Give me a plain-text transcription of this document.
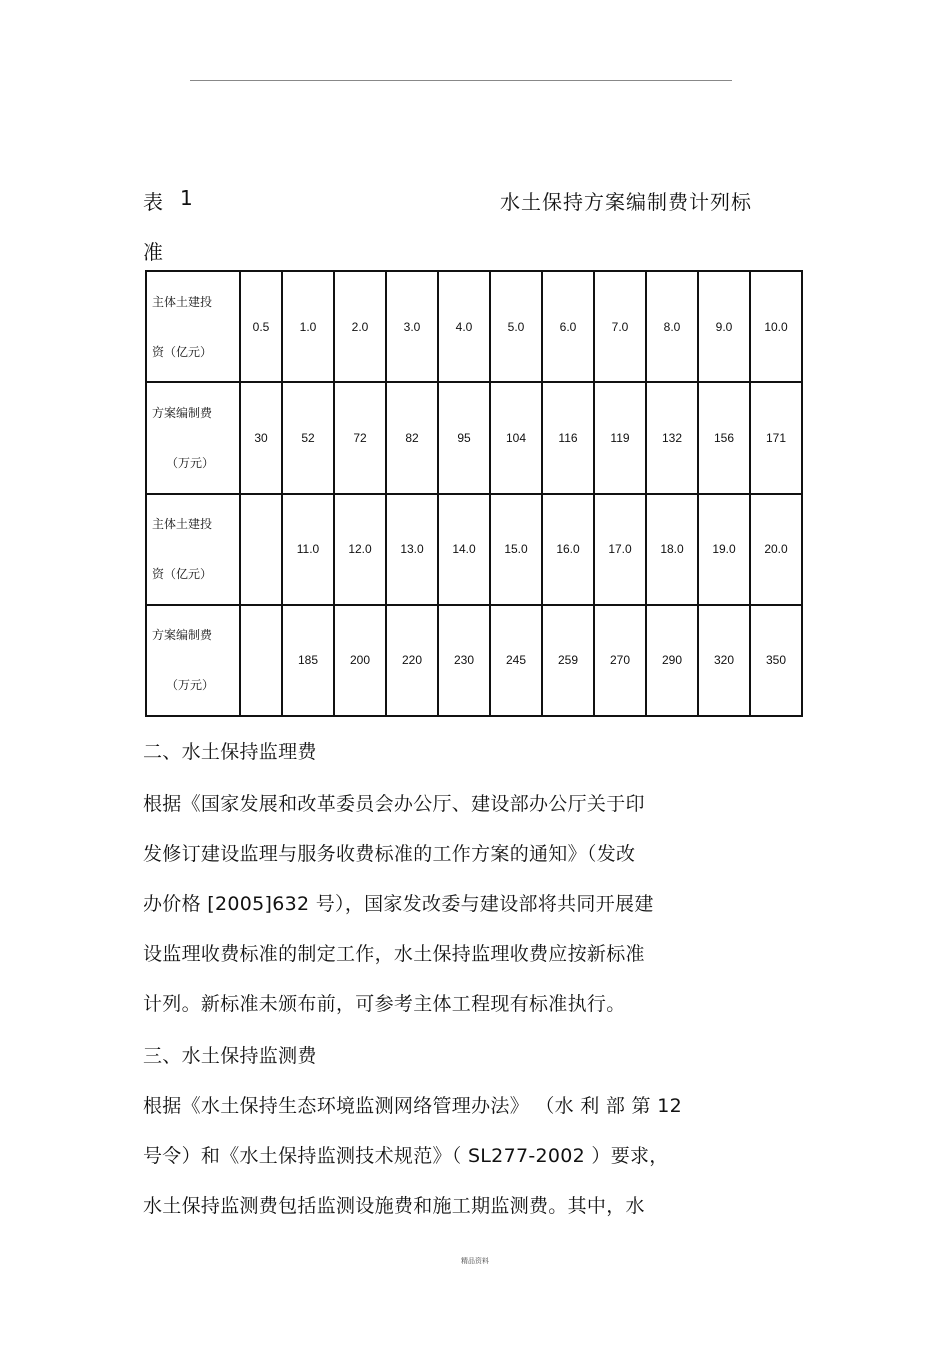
表 1	水土保持方案编制费计列标
准
主体土建投
资（亿元）	0.5	1.0	2.0	3.0	4.0	5.0	6.0	7.0	8.0	9.0	10.0

方案编制费
（万元）	30	52	72	82	95	104	116	119	132	156	171

主体土建投
资（亿元）		11.0	12.0	13.0	14.0	15.0	16.0	17.0	18.0	19.0	20.0

方案编制费
（万元）		185	200	220	230	245	259	270	290	320	350
二、水土保持监理费
根据《国家发展和改革委员会办公厅、建设部办公厅关于印
发修订建设监理与服务收费标准的工作方案的通知》（发改
办价格 [2005]632 号），国家发改委与建设部将共同开展建
设监理收费标准的制定工作，水土保持监理收费应按新标准
计列。新标准未颁布前，可参考主体工程现有标准执行。
三、水土保持监测费
根据《水土保持生态环境监测网络管理办法》 （水 利 部 第 12
号令）和《水土保持监测技术规范》（ SL277-2002 ）要求，
水土保持监测费包括监测设施费和施工期监测费。其中，水
精品资料
